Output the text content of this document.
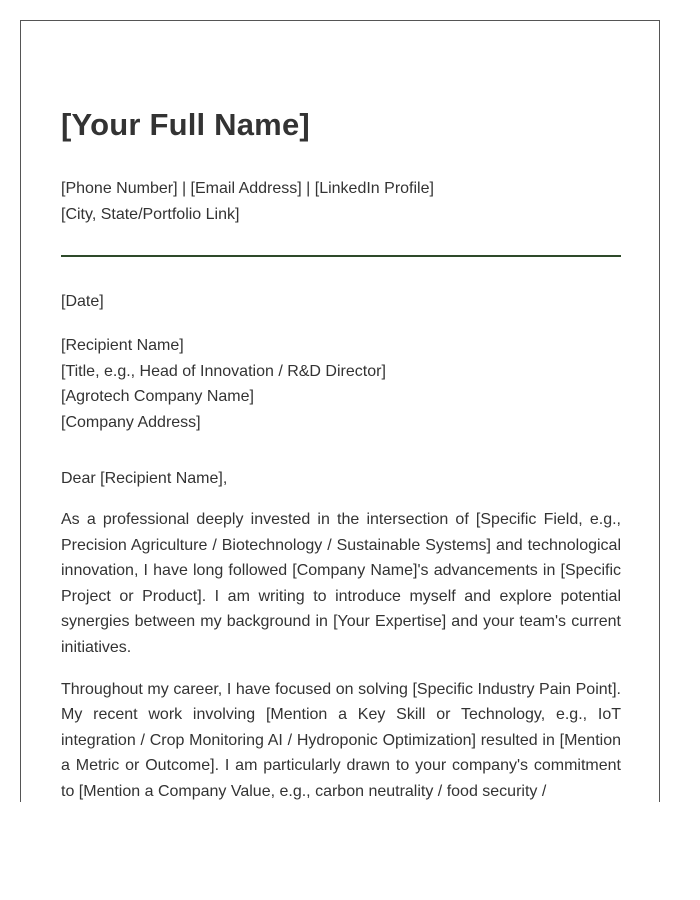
[Your Full Name]
[Phone Number] | [Email Address] | [LinkedIn Profile]
[City, State/Portfolio Link]
[Date]
[Recipient Name]
[Title, e.g., Head of Innovation / R&D Director]
[Agrotech Company Name]
[Company Address]
Dear [Recipient Name],

As a professional deeply invested in the intersection of [Specific Field, e.g., Precision Agriculture / Biotechnology / Sustainable Systems] and technological innovation, I have long followed [Company Name]'s advancements in [Specific Project or Product]. I am writing to introduce myself and explore potential synergies between my background in [Your Expertise] and your team's current initiatives.

Throughout my career, I have focused on solving [Specific Industry Pain Point]. My recent work involving [Mention a Key Skill or Technology, e.g., IoT integration / Crop Monitoring AI / Hydroponic Optimization] resulted in [Mention a Metric or Outcome]. I am particularly drawn to your company's commitment to [Mention a Company Value, e.g., carbon neutrality / food security /
